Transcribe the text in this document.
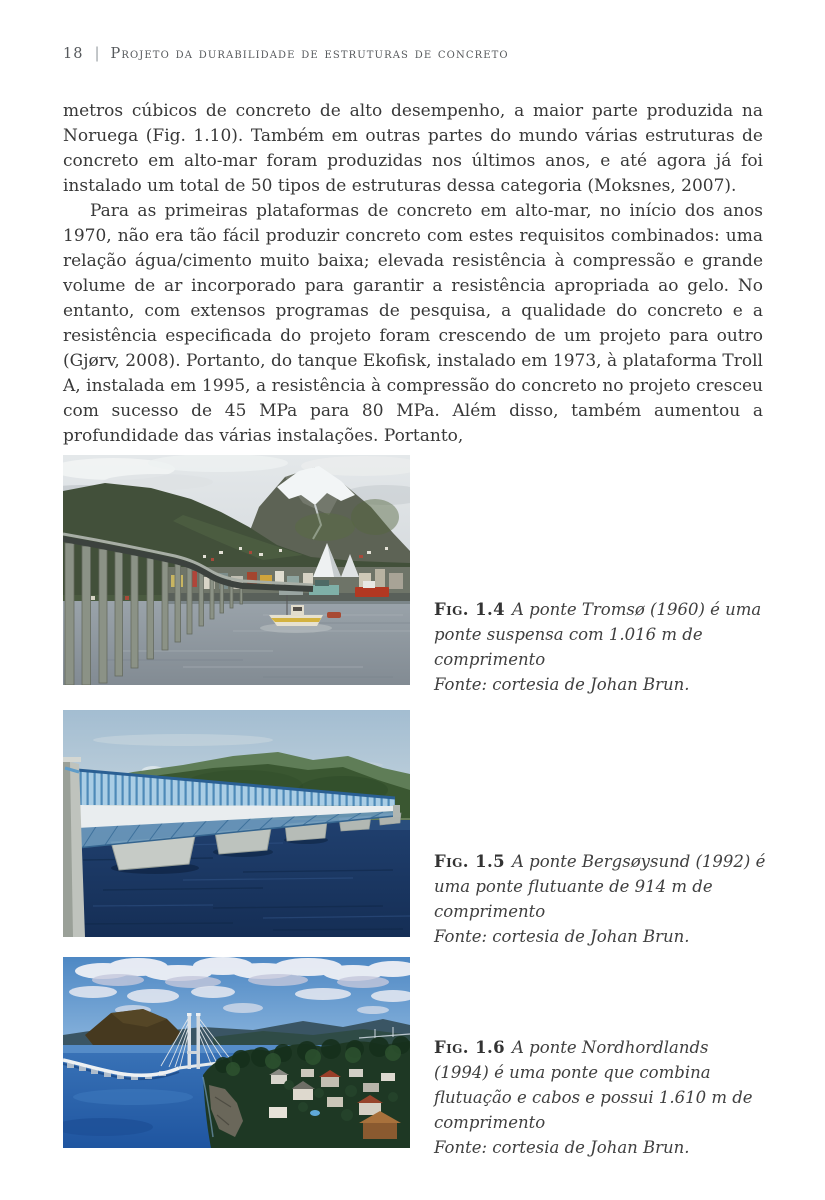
18 | Projeto da durabilidade de estruturas de concreto

metros cúbicos de concreto de alto desempenho, a maior parte produzida na Noruega (Fig. 1.10). Também em outras partes do mundo várias estruturas de concreto em alto-mar foram produzidas nos últimos anos, e até agora já foi instalado um total de 50 tipos de estruturas dessa categoria (Moksnes, 2007).

Para as primeiras plataformas de concreto em alto-mar, no início dos anos 1970, não era tão fácil produzir concreto com estes requisitos combinados: uma relação água/cimento muito baixa; elevada resistência à compressão e grande volume de ar incorporado para garantir a resistência apropriada ao gelo. No entanto, com extensos programas de pesquisa, a qualidade do concreto e a resistência especificada do projeto foram crescendo de um projeto para outro (Gjørv, 2008). Portanto, do tanque Ekofisk, instalado em 1973, à plataforma Troll A, instalada em 1995, a resistência à compressão do concreto no projeto cresceu com sucesso de 45 MPa para 80 MPa. Além disso, também aumentou a profundidade das várias instalações. Portanto,

Fig. 1.4 A ponte Tromsø (1960) é uma ponte suspensa com 1.016 m de comprimento
Fonte: cortesia de Johan Brun.
Fig. 1.5 A ponte Bergsøysund (1992) é uma ponte flutuante de 914 m de comprimento
Fonte: cortesia de Johan Brun.
Fig. 1.6 A ponte Nordhordlands (1994) é uma ponte que combina flutuação e cabos e possui 1.610 m de comprimento
Fonte: cortesia de Johan Brun.
